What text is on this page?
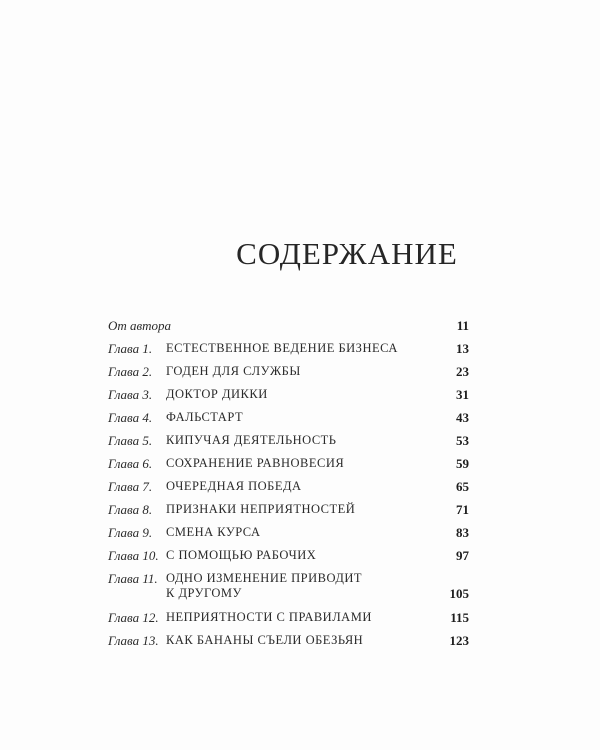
СОДЕРЖАНИЕ
От автора	11
Глава 1.	ЕСТЕСТВЕННОЕ ВЕДЕНИЕ БИЗНЕСА	13
Глава 2.	ГОДЕН ДЛЯ СЛУЖБЫ	23
Глава 3.	ДОКТОР ДИККИ	31
Глава 4.	ФАЛЬСТАРТ	43
Глава 5.	КИПУЧАЯ ДЕЯТЕЛЬНОСТЬ	53
Глава 6.	СОХРАНЕНИЕ РАВНОВЕСИЯ	59
Глава 7.	ОЧЕРЕДНАЯ ПОБЕДА	65
Глава 8.	ПРИЗНАКИ НЕПРИЯТНОСТЕЙ	71
Глава 9.	СМЕНА КУРСА	83
Глава 10. С ПОМОЩЬЮ РАБОЧИХ	97
Глава 11. ОДНО ИЗМЕНЕНИЕ ПРИВОДИТ
К ДРУГОМУ	105
Глава 12. НЕПРИЯТНОСТИ С ПРАВИЛАМИ	115
Глава 13. КАК БАНАНЫ СЪЕЛИ ОБЕЗЬЯН	123
